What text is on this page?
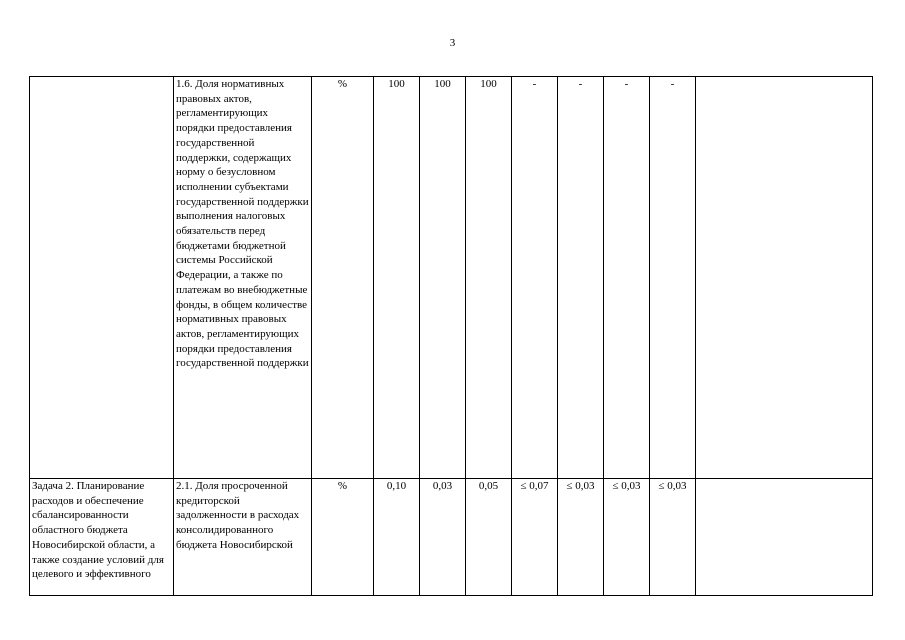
3
	1.6. Доля нормативных правовых актов, регламентирующих порядки предоставления государственной поддержки, содержащих норму о безусловном исполнении субъектами государственной поддержки выполнения налоговых обязательств перед бюджетами бюджетной системы Российской Федерации, а также по платежам во внебюджетные фонды, в общем количестве нормативных правовых актов, регламентирующих порядки предоставления государственной поддержки	%	100	100	100	-	-	-	-	
Задача 2. Планирование расходов и обеспечение сбалансированности областного бюджета Новосибирской области, а также создание условий для целевого и эффективного	2.1. Доля просроченной кредиторской задолженности в расходах консолидированного бюджета Новосибирской	%	0,10	0,03	0,05	≤ 0,07	≤ 0,03	≤ 0,03	≤ 0,03	
